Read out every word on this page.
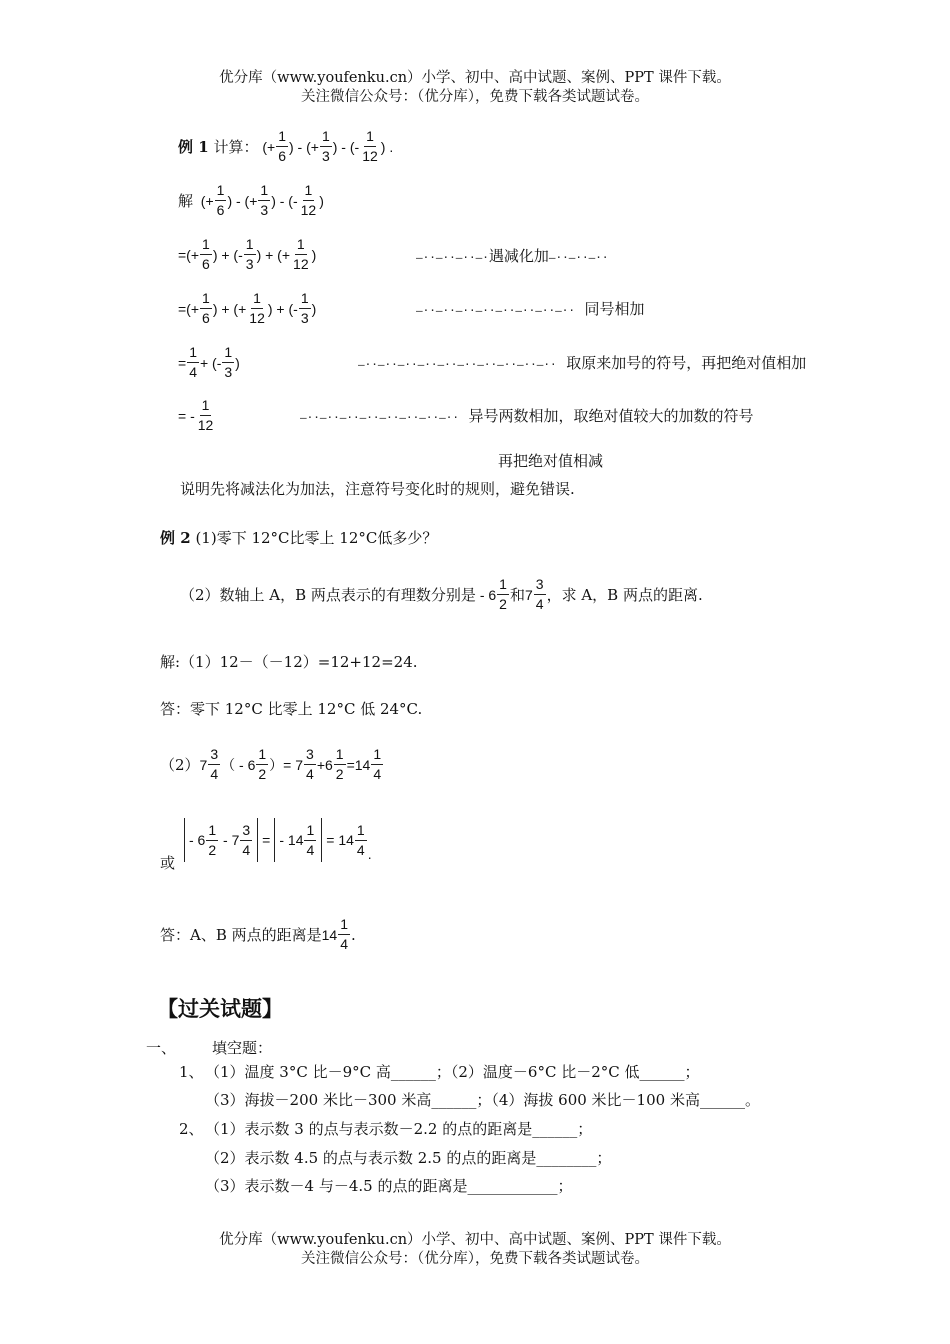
优分库（www.youfenku.cn）小学、初中、高中试题、案例、PPT 课件下载。
关注微信公众号：（优分库），免费下载各类试题试卷。
例 1
计算： (+ $\frac{1}{6}$ ) - (+ $\frac{1}{3}$ ) - (- $\frac{1}{12}$ ) .
解 (+ $\frac{1}{6}$ ) - (+ $\frac{1}{3}$ ) - (- $\frac{1}{12}$ )
=(+ $\frac{1}{6}$ ) + (- $\frac{1}{3}$ ) + (+ $\frac{1}{12}$ )	–··–··–··–·遇减化加–··–··–··
=(+ $\frac{1}{6}$ ) + (+ $\frac{1}{12}$ ) + (- $\frac{1}{3}$ )	–··–··–··–··–··–··–··–·· 同号相加
= $\frac{1}{4}$ + (- $\frac{1}{3}$ )	–··–··–··–··–··–··–··–··–··–·· 取原来加号的符号，再把绝对值相加
= - $\frac{1}{12}$	–··–··–··–··–··–··–··–·· 异号两数相加，取绝对值较大的加数的符号
再把绝对值相减
说明先将减法化为加法，注意符号变化时的规则，避免错误.
例 2 (1)零下 12°C比零上 12°C低多少？
（2）数轴上 A，B 两点表示的有理数分别是 - $6 \frac{1}{2}$ 和 $7 \frac{3}{4}$ ，求 A，B 两点的距离.
解:（1）12－（－12）=12+12=24.
答：零下 12°C 比零上 12°C 低 24°C.
（2） $7 \frac{3}{4}$ （ - $6 \frac{1}{2}$ ）= $7 \frac{3}{4} +6 \frac{1}{2} =14 \frac{1}{4}$
或
- $6 \frac{1}{2} - 7 \frac{3}{4}$ = - $14 \frac{1}{4} = 14 \frac{1}{4}$ .
答：A、B 两点的距离是 $14 \frac{1}{4}$ .
【过关试题】
一、 填空题：
1、 （1）温度 3°C 比－9°C 高______；（2）温度－6°C 比－2°C 低______；
（3）海拔－200 米比－300 米高______；（4）海拔 600 米比－100 米高______。
2、 （1）表示数 3 的点与表示数－2.2 的点的距离是______；
（2）表示数 4.5 的点与表示数 2.5 的点的距离是________；
（3）表示数－4 与－4.5 的点的距离是____________；
优分库（www.youfenku.cn）小学、初中、高中试题、案例、PPT 课件下载。
关注微信公众号：（优分库），免费下载各类试题试卷。
